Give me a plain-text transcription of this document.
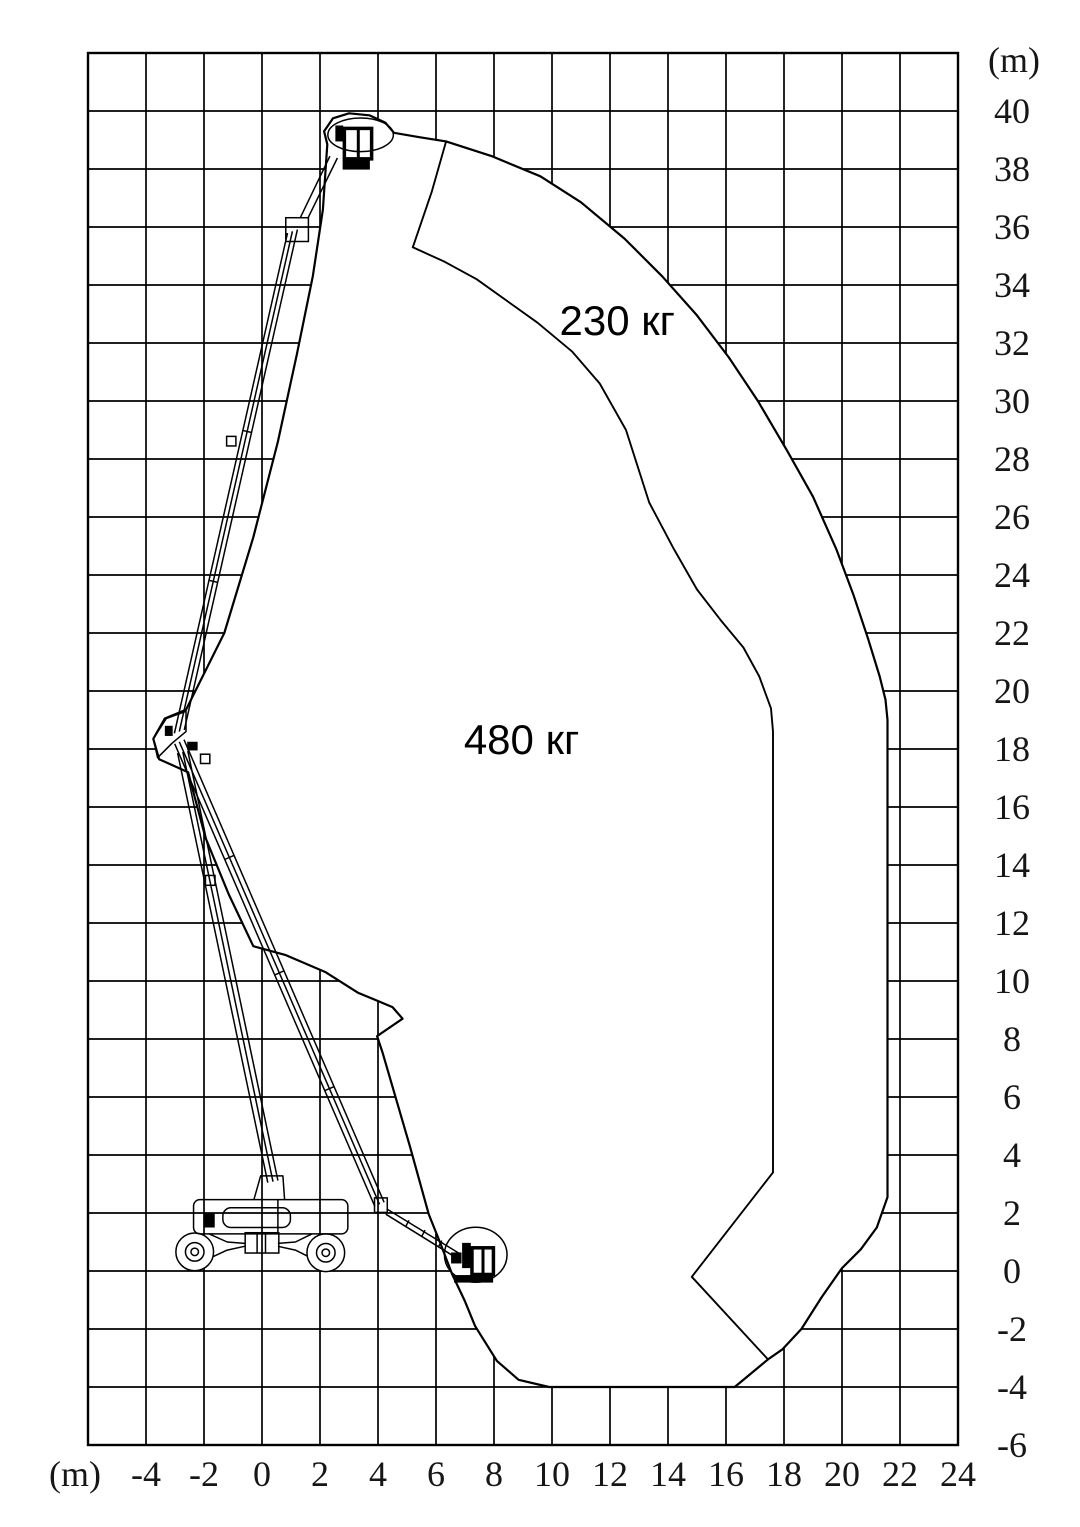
230 кг
480 кг
(m)
(m)
-4 -2 0	2	4	6	8 10 12 14 16 18 20 22 24
40
38
36
34
32
30
28
26
24
22
20
18
16
14
12
10
8
6
4
2
0
-2
-4
-6
